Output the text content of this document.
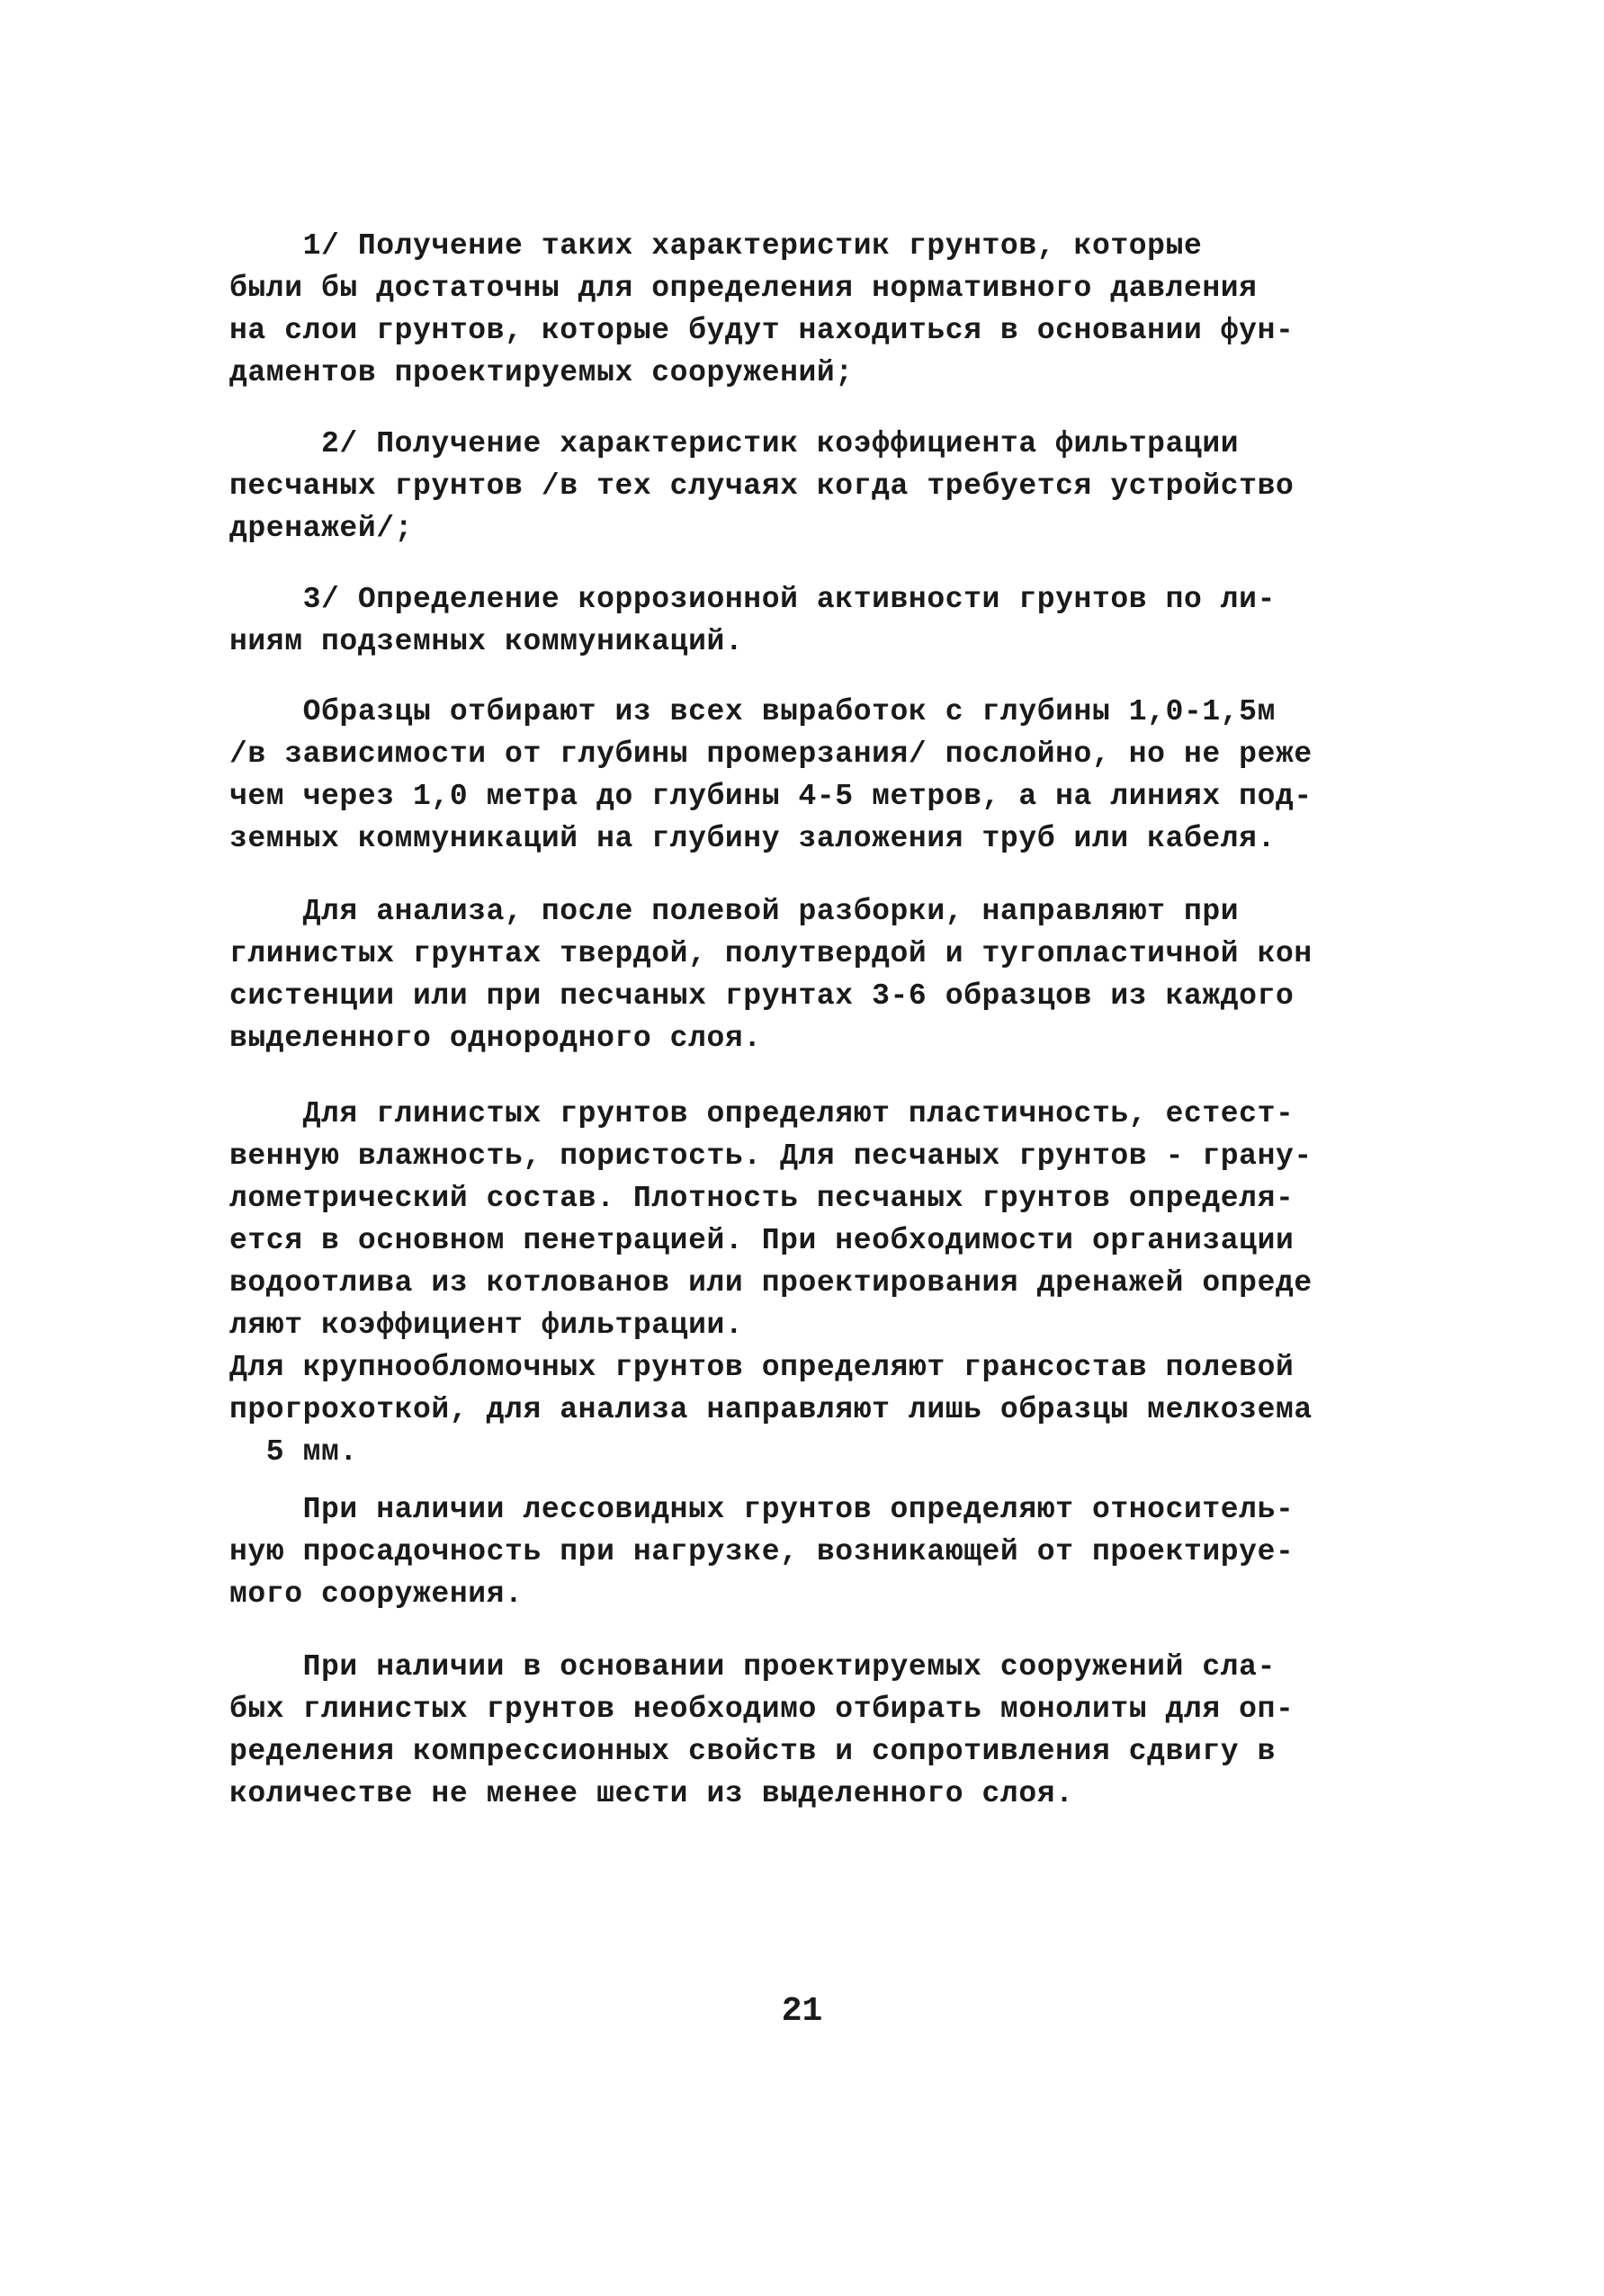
1/ Получение таких характеристик грунтов, которые
были бы достаточны для определения нормативного давления
на слои грунтов, которые будут находиться в основании фун-
даментов проектируемых сооружений;
2/ Получение характеристик коэффициента фильтрации
песчаных грунтов /в тех случаях когда требуется устройство
дренажей/;
3/ Определение коррозионной активности грунтов по ли-
ниям подземных коммуникаций.
Образцы отбирают из всех выработок с глубины 1,0-1,5м
/в зависимости от глубины промерзания/ послойно, но не реже
чем через 1,0 метра до глубины 4-5 метров, а на линиях под-
земных коммуникаций на глубину заложения труб или кабеля.
Для анализа, после полевой разборки, направляют при
глинистых грунтах твердой, полутвердой и тугопластичной кон
систенции или при песчаных грунтах 3-6 образцов из каждого
выделенного однородного слоя.
Для глинистых грунтов определяют пластичность, естест-
венную влажность, пористость. Для песчаных грунтов - грану-
лометрический состав. Плотность песчаных грунтов определя-
ется в основном пенетрацией. При необходимости организации
водоотлива из котлованов или проектирования дренажей опреде
ляют коэффициент фильтрации.
Для крупнообломочных грунтов определяют грансостав полевой
прогрохоткой, для анализа направляют лишь образцы мелкозема
5 мм.
При наличии лессовидных грунтов определяют относитель-
ную просадочность при нагрузке, возникающей от проектируе-
мого сооружения.
При наличии в основании проектируемых сооружений сла-
бых глинистых грунтов необходимо отбирать монолиты для оп-
ределения компрессионных свойств и сопротивления сдвигу в
количестве не менее шести из выделенного слоя.
21
